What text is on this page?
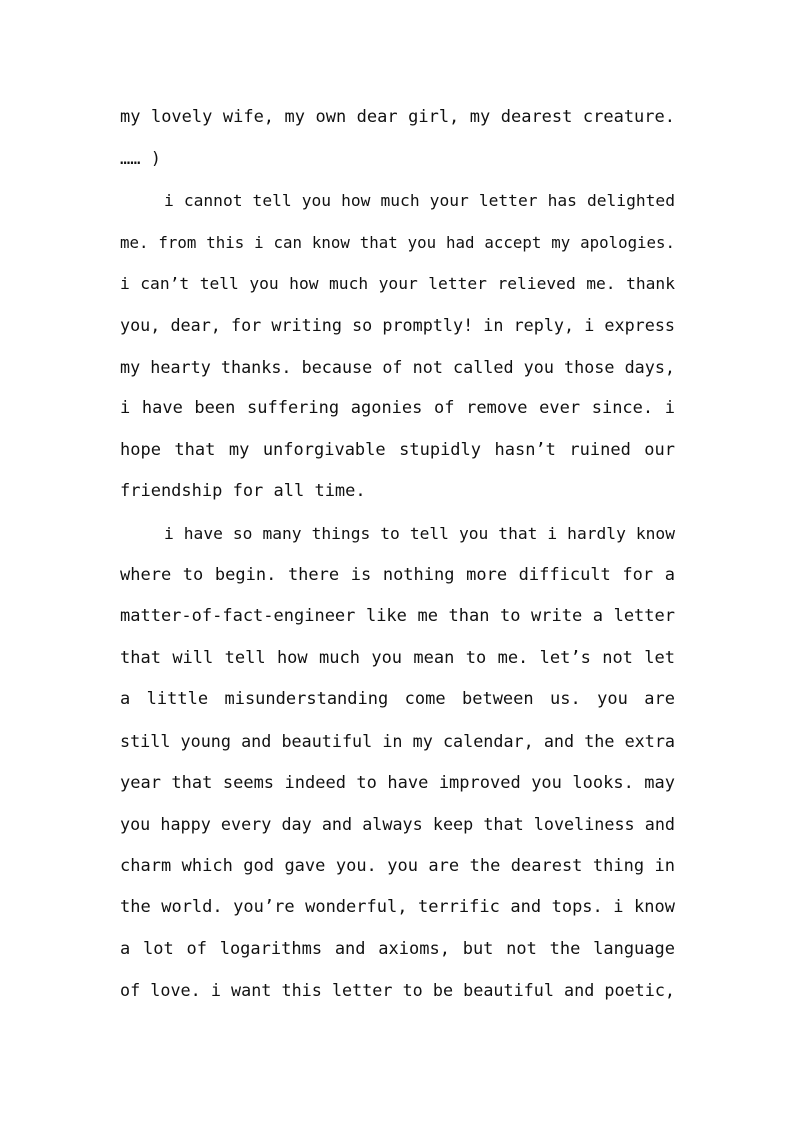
my lovely wife, my own dear girl, my dearest creature.
…… )
i cannot tell you how much your letter has delighted
me. from this i can know that you had accept my apologies.
i can’t tell you how much your letter relieved me. thank
you, dear, for writing so promptly! in reply, i express
my hearty thanks. because of not called you those days,
i have been suffering agonies of remove ever since. i
hope that my unforgivable stupidly hasn’t ruined our
friendship for all time.
i have so many things to tell you that i hardly know
where to begin. there is nothing more difficult for a
matter-of-fact-engineer like me than to write a letter
that will tell how much you mean to me. let’s not let
a little misunderstanding come between us. you are
still young and beautiful in my calendar, and the extra
year that seems indeed to have improved you looks. may
you happy every day and always keep that loveliness and
charm which god gave you. you are the dearest thing in
the world. you’re wonderful, terrific and tops. i know
a lot of logarithms and axioms, but not the language
of love. i want this letter to be beautiful and poetic,
